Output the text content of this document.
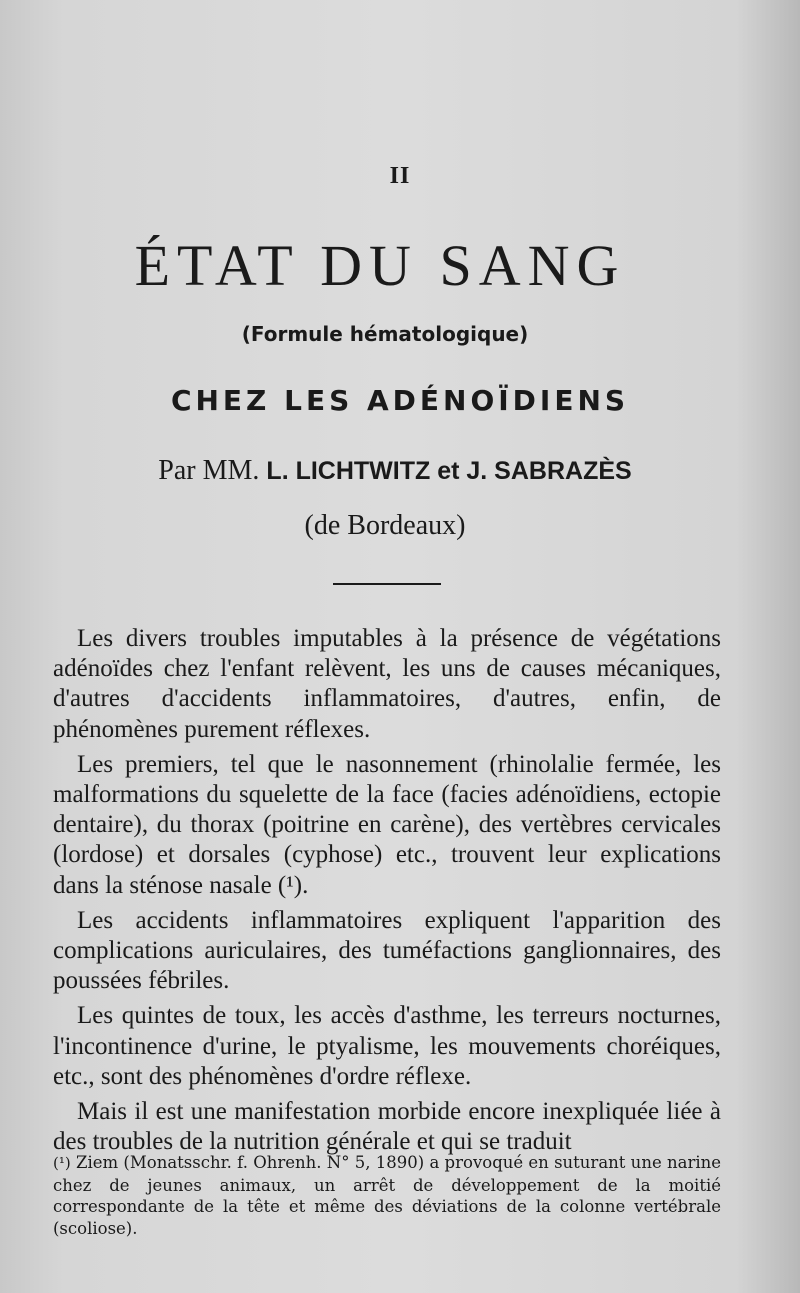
II
ÉTAT DU SANG
(Formule hématologique)
CHEZ LES ADÉNOÏDIENS
Par MM. L. LICHTWITZ et J. SABRAZÈS
(de Bordeaux)

Les divers troubles imputables à la présence de végétations adénoïdes chez l'enfant relèvent, les uns de causes mécaniques, d'autres d'accidents inflammatoires, d'autres, enfin, de phénomènes purement réflexes.

Les premiers, tel que le nasonnement (rhinolalie fermée, les malformations du squelette de la face (facies adénoïdiens, ectopie dentaire), du thorax (poitrine en carène), des vertèbres cervicales (lordose) et dorsales (cyphose) etc., trouvent leur explications dans la sténose nasale (¹).

Les accidents inflammatoires expliquent l'apparition des complications auriculaires, des tuméfactions ganglionnaires, des poussées fébriles.

Les quintes de toux, les accès d'asthme, les terreurs nocturnes, l'incontinence d'urine, le ptyalisme, les mouvements choréiques, etc., sont des phénomènes d'ordre réflexe.

Mais il est une manifestation morbide encore inexpliquée liée à des troubles de la nutrition générale et qui se traduit

(¹) Ziem (Monatsschr. f. Ohrenh. N° 5, 1890) a provoqué en suturant une narine chez de jeunes animaux, un arrêt de développement de la moitié correspondante de la tête et même des déviations de la colonne vertébrale (scoliose).
